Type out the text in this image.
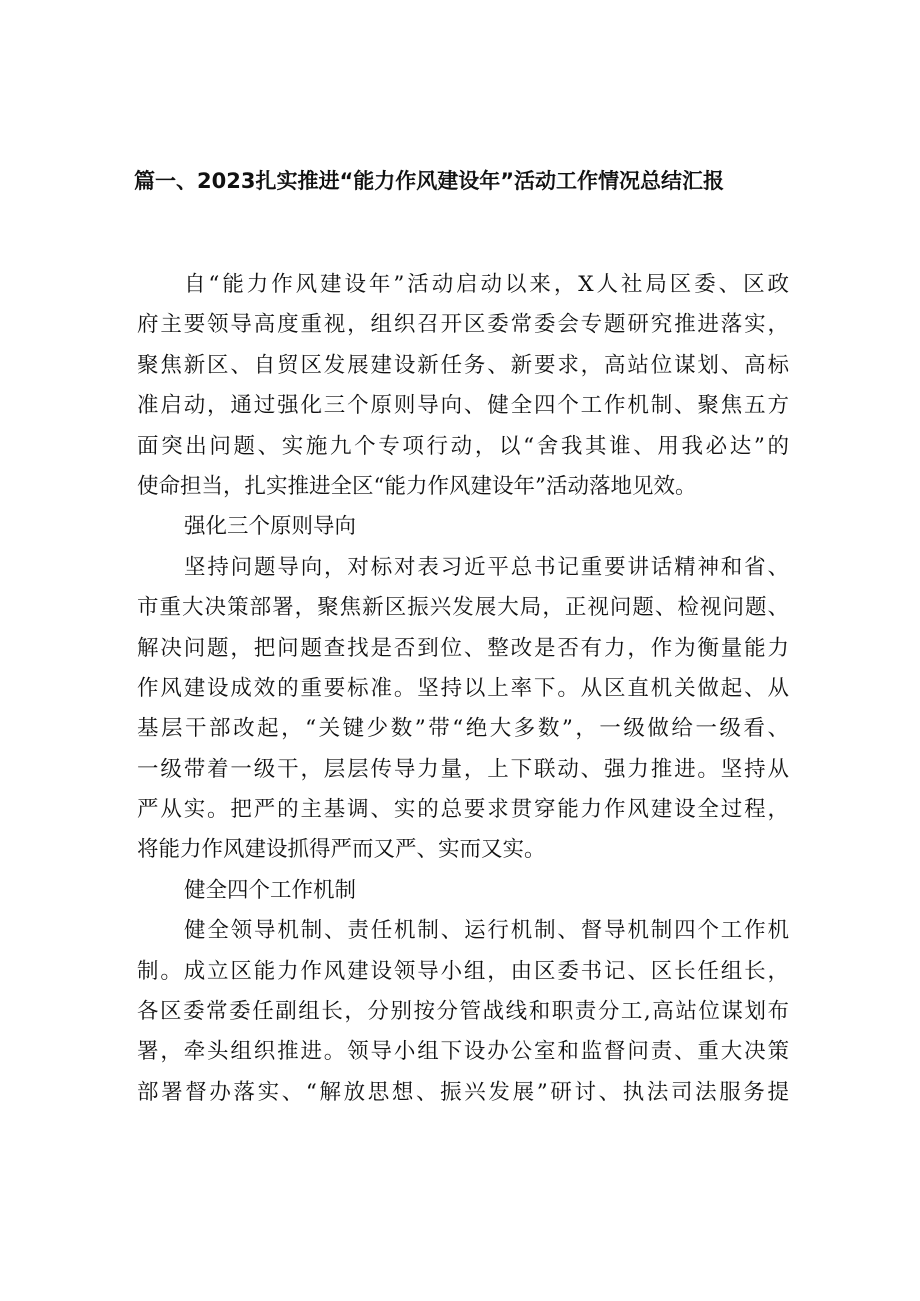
篇一、2023扎实推进“能力作风建设年”活动工作情况总结汇报
自“能力作风建设年”活动启动以来，X人社局区委、区政
府主要领导高度重视，组织召开区委常委会专题研究推进落实，
聚焦新区、自贸区发展建设新任务、新要求，高站位谋划、高标
准启动，通过强化三个原则导向、健全四个工作机制、聚焦五方
面突出问题、实施九个专项行动，以“舍我其谁、用我必达”的
使命担当，扎实推进全区“能力作风建设年”活动落地见效。
强化三个原则导向
坚持问题导向，对标对表习近平总书记重要讲话精神和省、
市重大决策部署，聚焦新区振兴发展大局，正视问题、检视问题、
解决问题，把问题查找是否到位、整改是否有力，作为衡量能力
作风建设成效的重要标准。坚持以上率下。从区直机关做起、从
基层干部改起，“关键少数”带“绝大多数”，一级做给一级看、
一级带着一级干，层层传导力量，上下联动、强力推进。坚持从
严从实。把严的主基调、实的总要求贯穿能力作风建设全过程，
将能力作风建设抓得严而又严、实而又实。
健全四个工作机制
健全领导机制、责任机制、运行机制、督导机制四个工作机
制。成立区能力作风建设领导小组，由区委书记、区长任组长，
各区委常委任副组长，分别按分管战线和职责分工,高站位谋划布
署，牵头组织推进。领导小组下设办公室和监督问责、重大决策
部署督办落实、“解放思想、振兴发展”研讨、执法司法服务提
